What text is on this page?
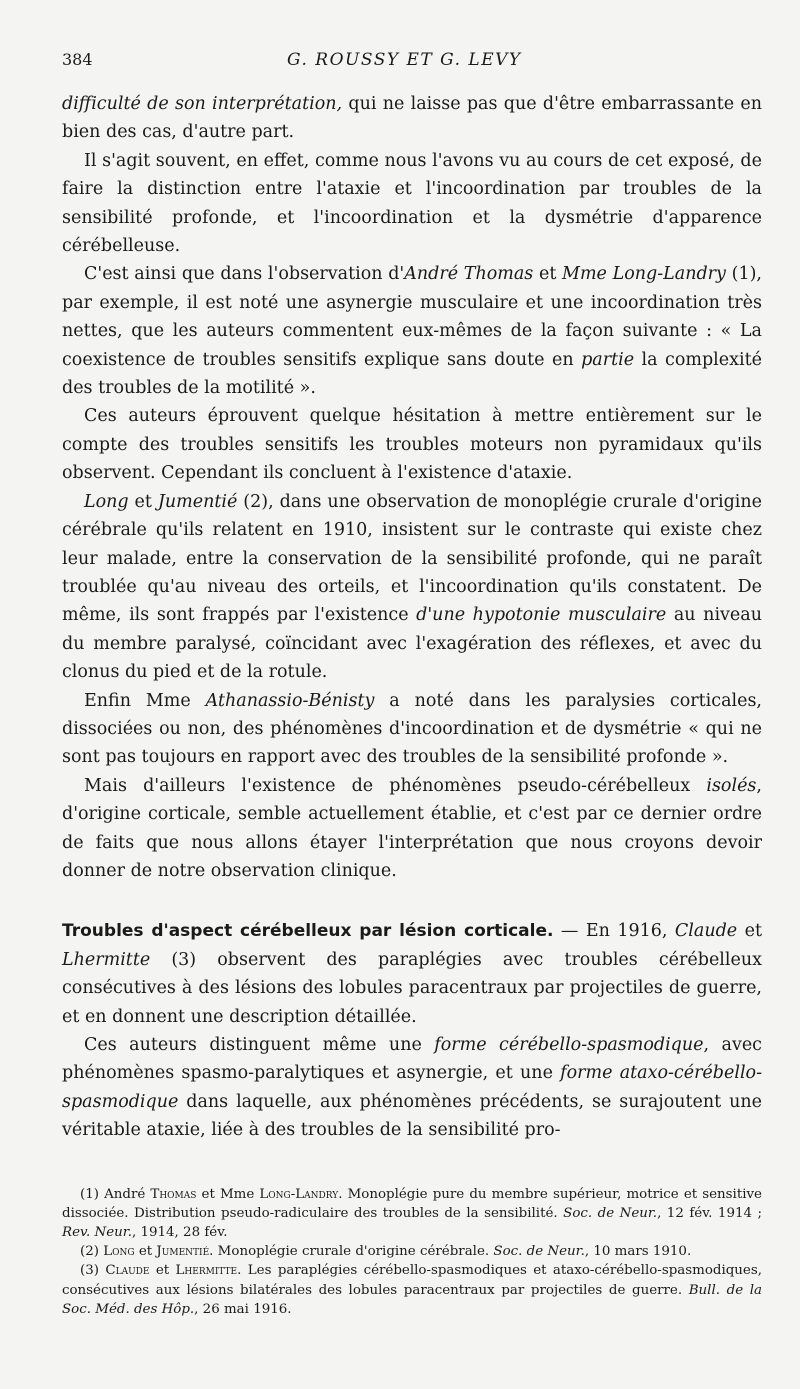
384	G. ROUSSY ET G. LEVY

difficulté de son interprétation, qui ne laisse pas que d'être embarrassante en bien des cas, d'autre part.

Il s'agit souvent, en effet, comme nous l'avons vu au cours de cet exposé, de faire la distinction entre l'ataxie et l'incoordination par troubles de la sensibilité profonde, et l'incoordination et la dysmétrie d'apparence cérébelleuse.

C'est ainsi que dans l'observation d'André Thomas et Mme Long-Landry (1), par exemple, il est noté une asynergie musculaire et une incoordination très nettes, que les auteurs commentent eux-mêmes de la façon suivante : « La coexistence de troubles sensitifs explique sans doute en partie la complexité des troubles de la motilité ».

Ces auteurs éprouvent quelque hésitation à mettre entièrement sur le compte des troubles sensitifs les troubles moteurs non pyramidaux qu'ils observent. Cependant ils concluent à l'existence d'ataxie.

Long et Jumentié (2), dans une observation de monoplégie crurale d'origine cérébrale qu'ils relatent en 1910, insistent sur le contraste qui existe chez leur malade, entre la conservation de la sensibilité profonde, qui ne paraît troublée qu'au niveau des orteils, et l'incoordination qu'ils constatent. De même, ils sont frappés par l'existence d'une hypotonie musculaire au niveau du membre paralysé, coïncidant avec l'exagération des réflexes, et avec du clonus du pied et de la rotule.

Enfin Mme Athanassio-Bénisty a noté dans les paralysies corticales, dissociées ou non, des phénomènes d'incoordination et de dysmétrie « qui ne sont pas toujours en rapport avec des troubles de la sensibilité profonde ».

Mais d'ailleurs l'existence de phénomènes pseudo-cérébelleux isolés, d'origine corticale, semble actuellement établie, et c'est par ce dernier ordre de faits que nous allons étayer l'interprétation que nous croyons devoir donner de notre observation clinique.

Troubles d'aspect cérébelleux par lésion corticale. — En 1916, Claude et Lhermitte (3) observent des paraplégies avec troubles cérébelleux consécutives à des lésions des lobules paracentraux par projectiles de guerre, et en donnent une description détaillée.

Ces auteurs distinguent même une forme cérébello-spasmodique, avec phénomènes spasmo-paralytiques et asynergie, et une forme ataxo-cérébello-spasmodique dans laquelle, aux phénomènes précédents, se surajoutent une véritable ataxie, liée à des troubles de la sensibilité pro-

(1) André Thomas et Mme Long-Landry. Monoplégie pure du membre supérieur, motrice et sensitive dissociée. Distribution pseudo-radiculaire des troubles de la sensibilité. Soc. de Neur., 12 fév. 1914 ; Rev. Neur., 1914, 28 fév.

(2) Long et Jumentié. Monoplégie crurale d'origine cérébrale. Soc. de Neur., 10 mars 1910.

(3) Claude et Lhermitte. Les paraplégies cérébello-spasmodiques et ataxo-cérébello-spasmodiques, consécutives aux lésions bilatérales des lobules paracentraux par projectiles de guerre. Bull. de la Soc. Méd. des Hôp., 26 mai 1916.
